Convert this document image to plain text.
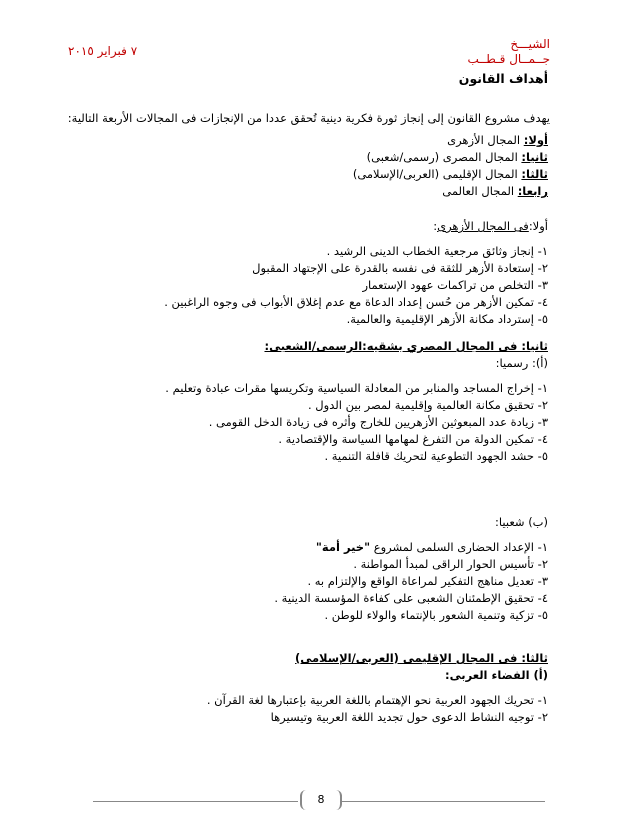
الشيـــخ
جــمــال قـطــب
٧ فبراير ٢٠١٥
أهداف القانون
يهدف مشروع القانون إلى إنجاز ثورة فكرية دينية تُحقق عددا من الإنجازات فى المجالات الأربعة التالية:
أولا: المجال الأزهرى
ثانيا: المجال المصرى (رسمى/شعبى)
ثالثا: المجال الإقليمى (العربى/الإسلامى)
رابعا: المجال العالمى
أولا:فى المجال الأزهرى:
١- إنجاز وثائق مرجعية الخطاب الدينى الرشيد .
٢- إستعادة الأزهر للثقة فى نفسه بالقدرة على الإجتهاد المقبول
٣- التخلص من تراكمات عهود الإستعمار
٤- تمكين الأزهر من حُسن إعداد الدعاة مع عدم إغلاق الأبواب فى وجوه الراغبين .
٥- إسترداد مكانة الأزهر الإقليمية والعالمية.
ثانيا: فى المجال المصري بشقيه:الرسمى/الشعبى:
(أ): رسميا:
١- إخراج المساجد والمنابر من المعادلة السياسية وتكريسها مقرات عبادة وتعليم .
٢- تحقيق مكانة العالمية وإقليمية لمصر بين الدول .
٣- زيادة عدد المبعوثين الأزهريين للخارج وأثره فى زيادة الدخل القومى .
٤- تمكين الدولة من التفرغ لمهامها السياسة والإقتصادية .
٥- حشد الجهود التطوعية لتحريك قافلة التنمية .
(ب) شعبيا:
١- الإعداد الحضارى السلمى لمشروع "خير أمة"
٢- تأسيس الحوار الراقى لمبدأ المواطنة .
٣- تعديل مناهج التفكير لمراعاة الواقع والإلتزام به .
٤- تحقيق الإطمئنان الشعبى على كفاءة المؤسسة الدينية .
٥- تزكية وتنمية الشعور بالإنتماء والولاء للوطن .
ثالثا: فى المجال الإقليمى (العربى/الإسلامى)
(أ) الفضاء العربى:
١- تحريك الجهود العربية نحو الإهتمام باللغة العربية بإعتبارها لغة القرآن .
٢- توجيه النشاط الدعوى حول تجديد اللغة العربية وتيسيرها
8
